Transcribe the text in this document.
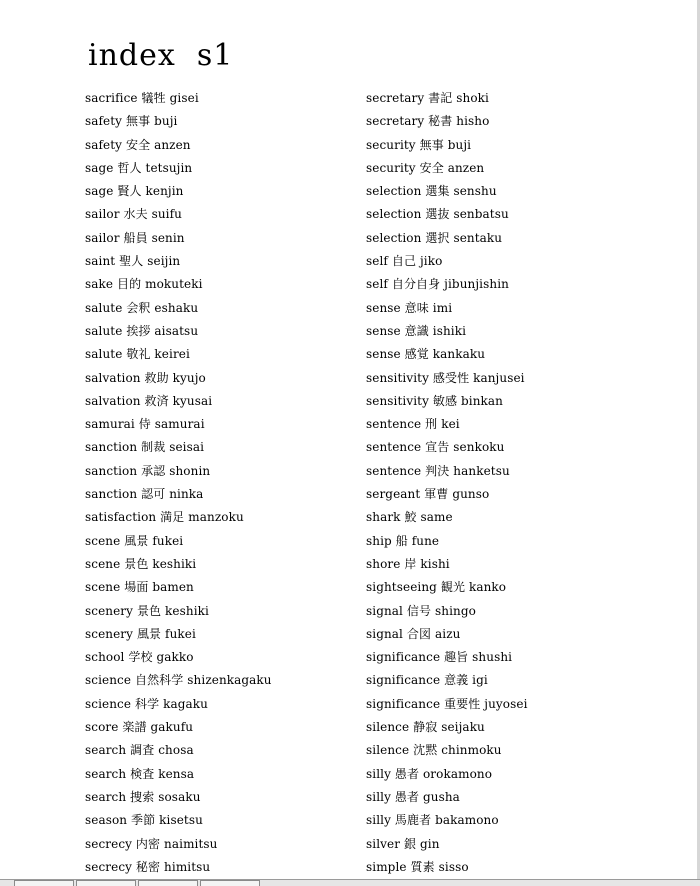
index  s1
sacrifice 犠牲 gisei
safety 無事 buji
safety 安全 anzen
sage 哲人 tetsujin
sage 賢人 kenjin
sailor 水夫 suifu
sailor 船員 senin
saint 聖人 seijin
sake 目的 mokuteki
salute 会釈 eshaku
salute 挨拶 aisatsu
salute 敬礼 keirei
salvation 救助 kyujo
salvation 救済 kyusai
samurai 侍 samurai
sanction 制裁 seisai
sanction 承認 shonin
sanction 認可 ninka
satisfaction 満足 manzoku
scene 風景 fukei
scene 景色 keshiki
scene 場面 bamen
scenery 景色 keshiki
scenery 風景 fukei
school 学校 gakko
science 自然科学 shizenkagaku
science 科学 kagaku
score 楽譜 gakufu
search 調査 chosa
search 検査 kensa
search 捜索 sosaku
season 季節 kisetsu
secrecy 内密 naimitsu
secrecy 秘密 himitsu
secretary 書記 shoki
secretary 秘書 hisho
security 無事 buji
security 安全 anzen
selection 選集 senshu
selection 選抜 senbatsu
selection 選択 sentaku
self 自己 jiko
self 自分自身 jibunjishin
sense 意味 imi
sense 意識 ishiki
sense 感覚 kankaku
sensitivity 感受性 kanjusei
sensitivity 敏感 binkan
sentence 刑 kei
sentence 宣告 senkoku
sentence 判決 hanketsu
sergeant 軍曹 gunso
shark 鮫 same
ship 船 fune
shore 岸 kishi
sightseeing 観光 kanko
signal 信号 shingo
signal 合図 aizu
significance 趣旨 shushi
significance 意義 igi
significance 重要性 juyosei
silence 静寂 seijaku
silence 沈黙 chinmoku
silly 愚者 orokamono
silly 愚者 gusha
silly 馬鹿者 bakamono
silver 銀 gin
simple 質素 sisso
